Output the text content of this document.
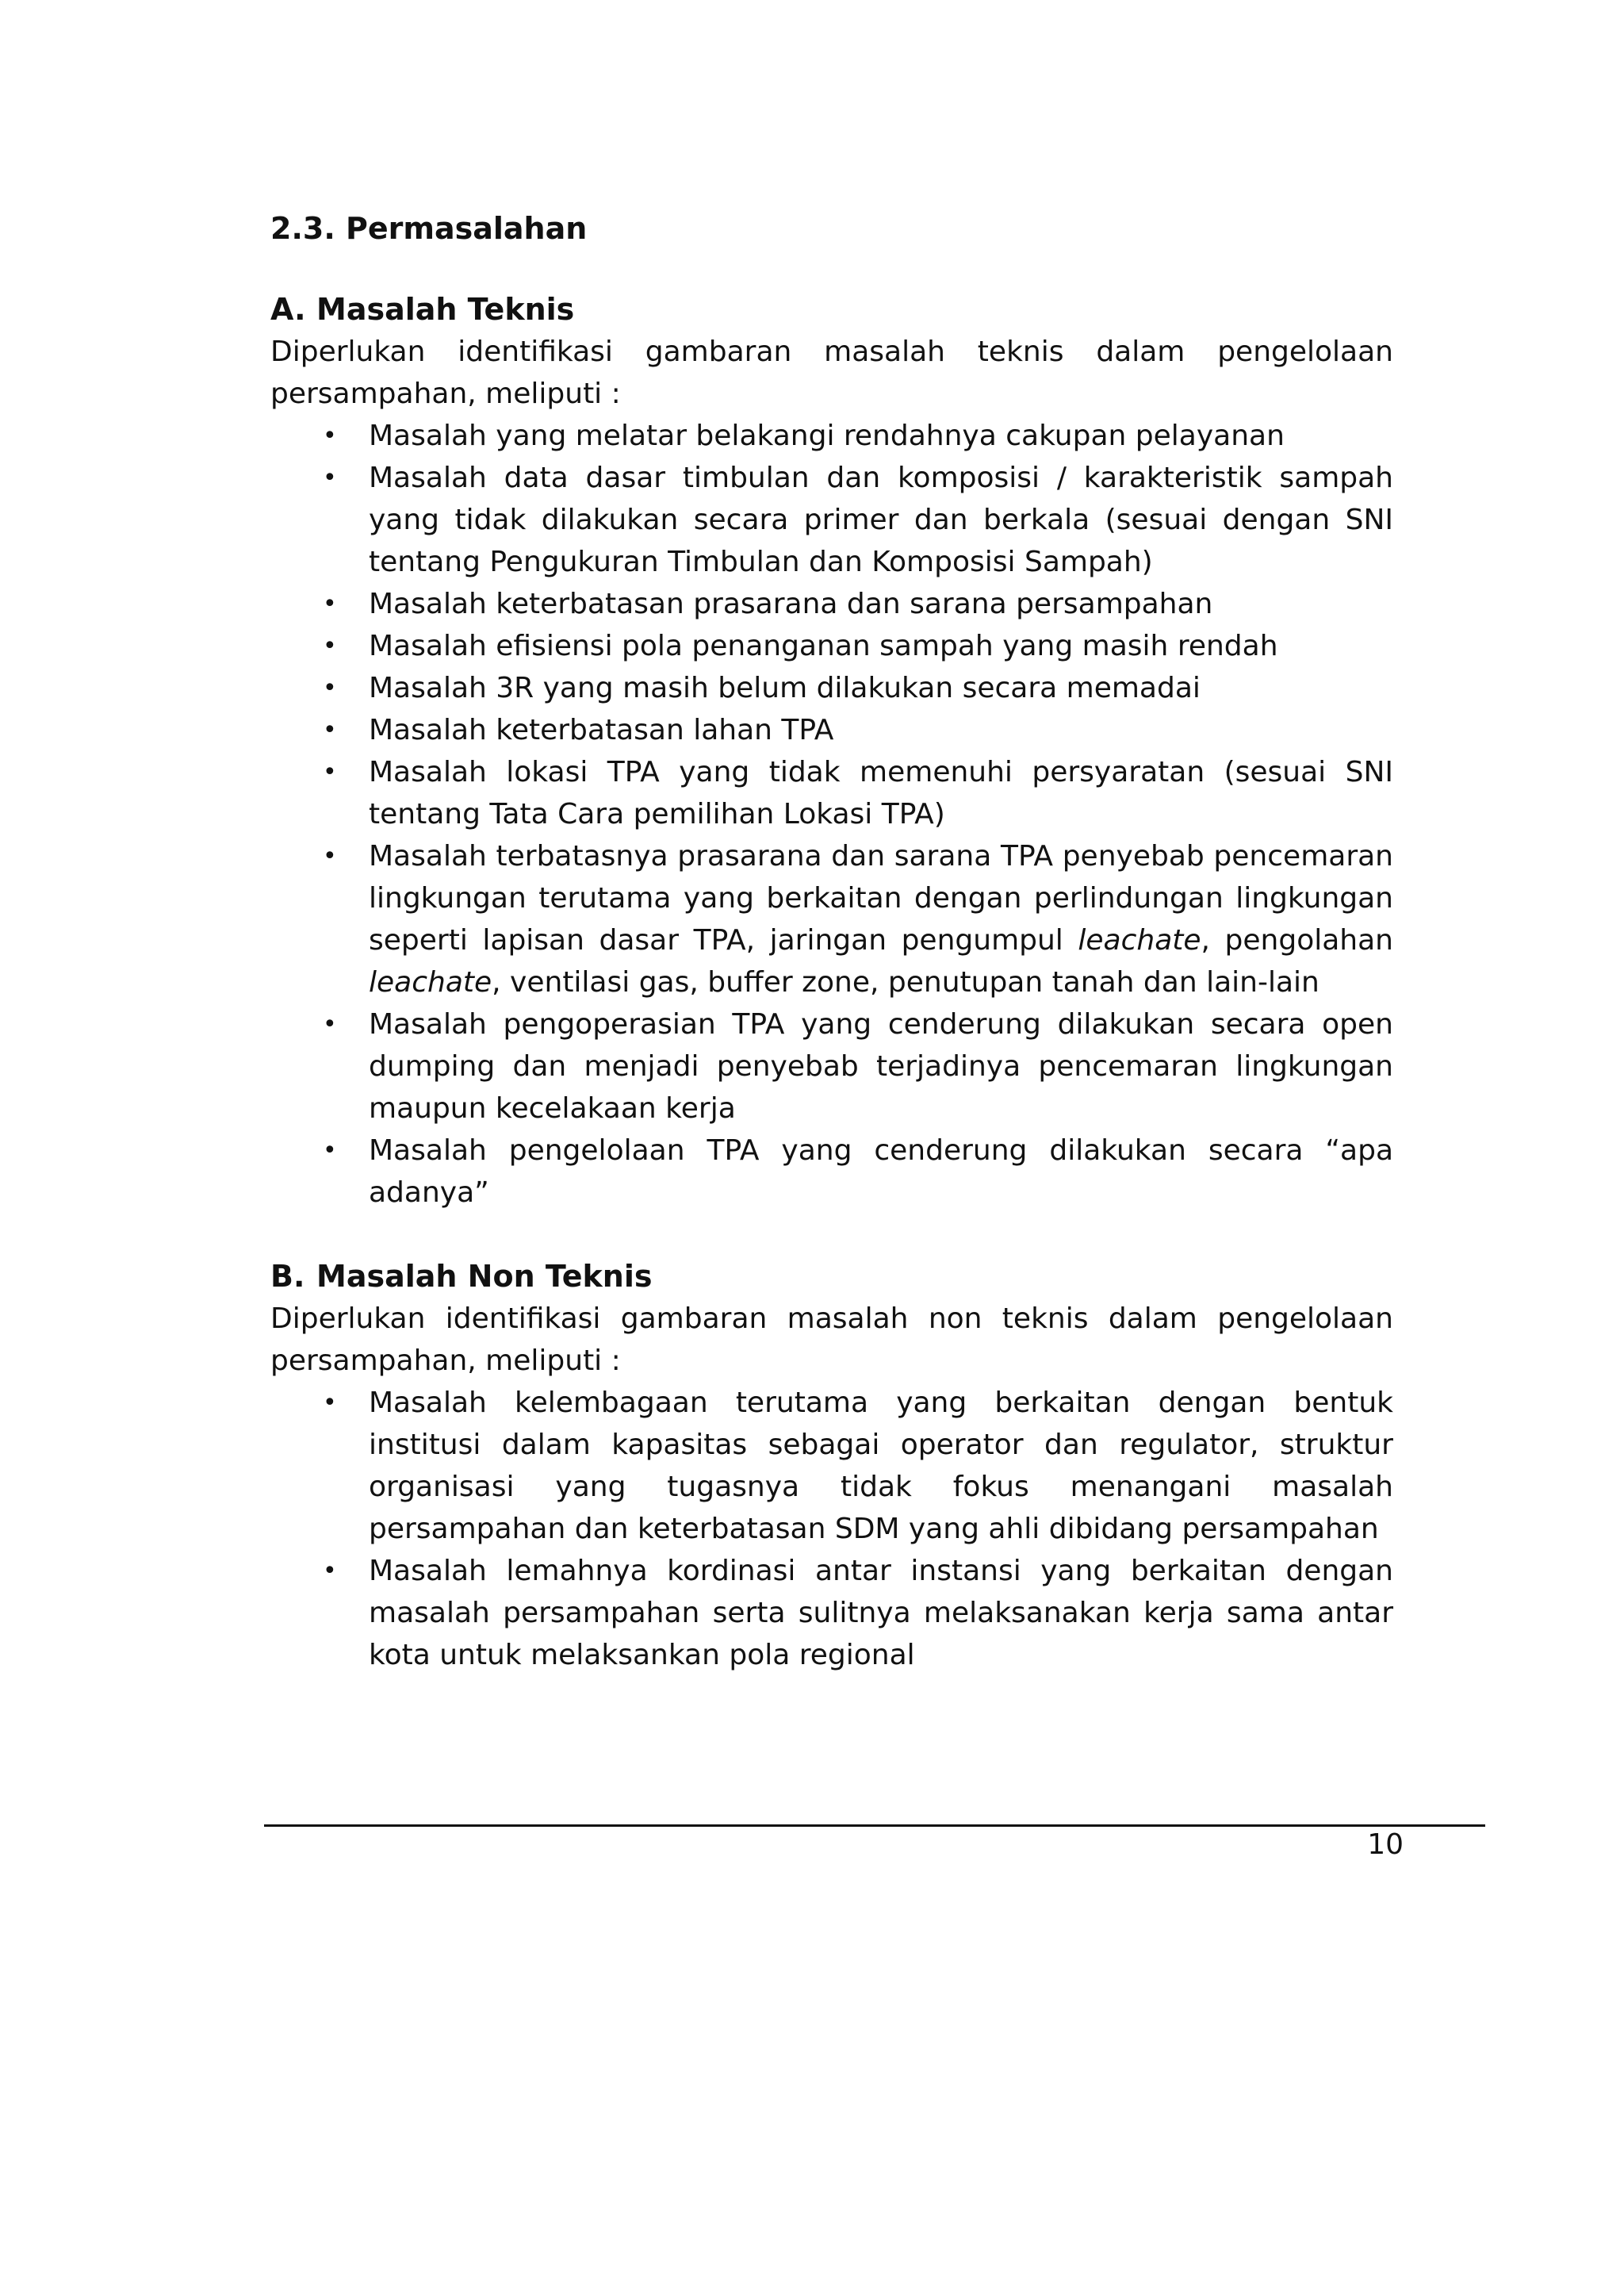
2.3. Permasalahan
A. Masalah Teknis

Diperlukan identifikasi gambaran masalah teknis dalam pengelolaan persampahan, meliputi :

• Masalah yang melatar belakangi rendahnya cakupan pelayanan
• Masalah data dasar timbulan dan komposisi / karakteristik sampah yang tidak dilakukan secara primer dan berkala (sesuai dengan SNI tentang Pengukuran Timbulan dan Komposisi Sampah)
• Masalah keterbatasan prasarana dan sarana persampahan
• Masalah efisiensi pola penanganan sampah yang masih rendah
• Masalah 3R yang masih belum dilakukan secara memadai
• Masalah keterbatasan lahan TPA
• Masalah lokasi TPA yang tidak memenuhi persyaratan (sesuai SNI tentang Tata Cara pemilihan Lokasi TPA)
• Masalah terbatasnya prasarana dan sarana TPA penyebab pencemaran lingkungan terutama yang berkaitan dengan perlindungan lingkungan seperti lapisan dasar TPA, jaringan pengumpul leachate, pengolahan leachate, ventilasi gas, buffer zone, penutupan tanah dan lain-lain
• Masalah pengoperasian TPA yang cenderung dilakukan secara open dumping dan menjadi penyebab terjadinya pencemaran lingkungan maupun kecelakaan kerja
• Masalah pengelolaan TPA yang cenderung dilakukan secara “apa adanya”
B. Masalah Non Teknis

Diperlukan identifikasi gambaran masalah non teknis dalam pengelolaan persampahan, meliputi :

• Masalah kelembagaan terutama yang berkaitan dengan bentuk institusi dalam kapasitas sebagai operator dan regulator, struktur organisasi yang tugasnya tidak fokus menangani masalah persampahan dan keterbatasan SDM yang ahli dibidang persampahan
• Masalah lemahnya kordinasi antar instansi yang berkaitan dengan masalah persampahan serta sulitnya melaksanakan kerja sama antar kota untuk melaksankan pola regional
10
